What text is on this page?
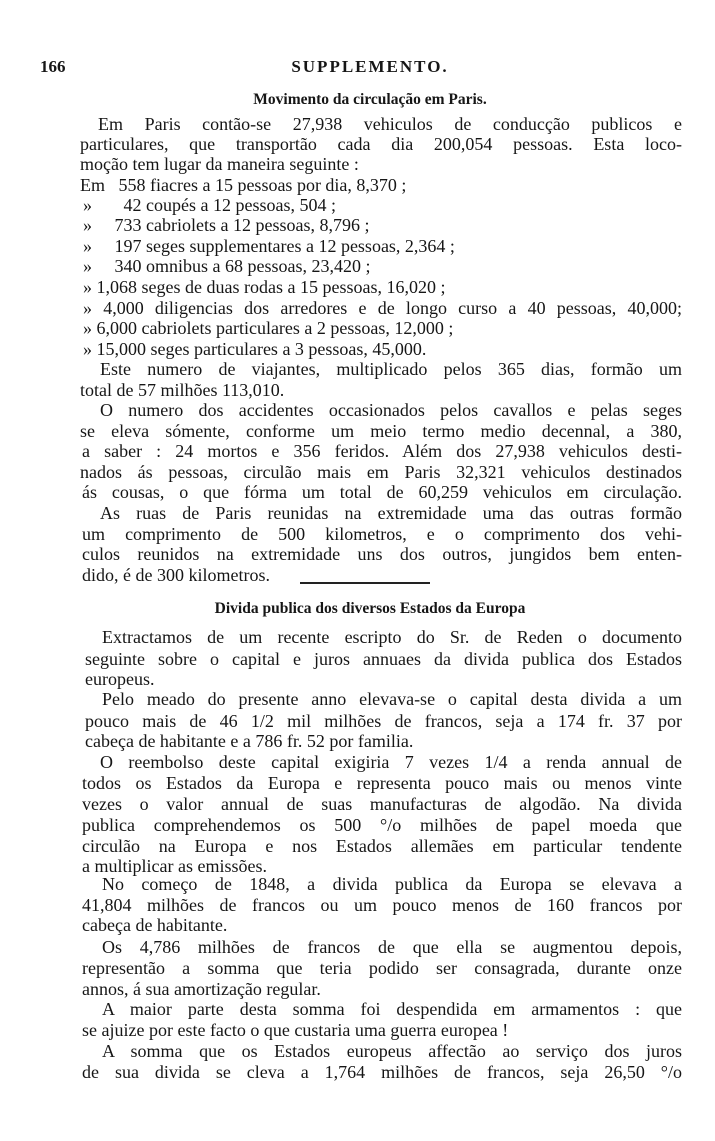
166	SUPPLEMENTO.
Movimento da circulação em Paris.
Em Paris contão-se 27,938 vehiculos de conducção publicos e
particulares, que transportão cada dia 200,054 pessoas. Esta loco-
moção tem lugar da maneira seguinte :
Em   558 fiacres a 15 pessoas por dia, 8,370 ;
»       42 coupés a 12 pessoas, 504 ;
»     733 cabriolets a 12 pessoas, 8,796 ;
»     197 seges supplementares a 12 pessoas, 2,364 ;
»     340 omnibus a 68 pessoas, 23,420 ;
» 1,068 seges de duas rodas a 15 pessoas, 16,020 ;
» 4,000 diligencias dos arredores e de longo curso a 40 pessoas, 40,000;
» 6,000 cabriolets particulares a 2 pessoas, 12,000 ;
» 15,000 seges particulares a 3 pessoas, 45,000.
Este numero de viajantes, multiplicado pelos 365 dias, formão um
total de 57 milhões 113,010.
O numero dos accidentes occasionados pelos cavallos e pelas seges
se eleva sómente, conforme um meio termo medio decennal, a 380,
a saber : 24 mortos e 356 feridos. Além dos 27,938 vehiculos desti-
nados ás pessoas, circulão mais em Paris 32,321 vehiculos destinados
ás cousas, o que fórma um total de 60,259 vehiculos em circulação.
As ruas de Paris reunidas na extremidade uma das outras formão
um comprimento de 500 kilometros, e o comprimento dos vehi-
culos reunidos na extremidade uns dos outros, jungidos bem enten-
dido, é de 300 kilometros.
Divida publica dos diversos Estados da Europa
Extractamos de um recente escripto do Sr. de Reden o documento
seguinte sobre o capital e juros annuaes da divida publica dos Estados
europeus.
Pelo meado do presente anno elevava-se o capital desta divida a um
pouco mais de 46 1/2 mil milhões de francos, seja a 174 fr. 37 por
cabeça de habitante e a 786 fr. 52 por familia.
O reembolso deste capital exigiria 7 vezes 1/4 a renda annual de
todos os Estados da Europa e representa pouco mais ou menos vinte
vezes o valor annual de suas manufacturas de algodão. Na divida
publica comprehendemos os 500 °/o milhões de papel moeda que
circulão na Europa e nos Estados allemães em particular tendente
a multiplicar as emissões.
No começo de 1848, a divida publica da Europa se elevava a
41,804 milhões de francos ou um pouco menos de 160 francos por
cabeça de habitante.
Os 4,786 milhões de francos de que ella se augmentou depois,
representão a somma que teria podido ser consagrada, durante onze
annos, á sua amortização regular.
A maior parte desta somma foi despendida em armamentos : que
se ajuize por este facto o que custaria uma guerra europea !
A somma que os Estados europeus affectão ao serviço dos juros
de sua divida se cleva a 1,764 milhões de francos, seja 26,50 °/o
